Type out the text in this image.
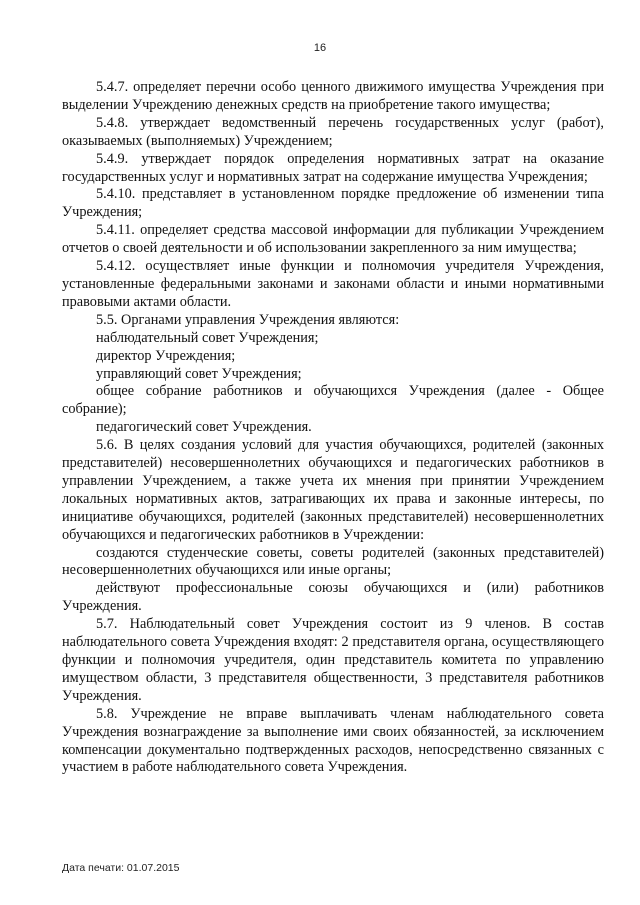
16

5.4.7. определяет перечни особо ценного движимого имущества Учреждения при выделении Учреждению денежных средств на приобретение такого имущества;

5.4.8. утверждает ведомственный перечень государственных услуг (работ), оказываемых (выполняемых) Учреждением;

5.4.9. утверждает порядок определения нормативных затрат на оказание государственных услуг и нормативных затрат на содержание имущества Учреждения;

5.4.10. представляет в установленном порядке предложение об изменении типа Учреждения;

5.4.11. определяет средства массовой информации для публикации Учреждением отчетов о своей деятельности и об использовании закрепленного за ним имущества;

5.4.12. осуществляет иные функции и полномочия учредителя Учреждения, установленные федеральными законами и законами области и иными нормативными правовыми актами области.

5.5. Органами управления Учреждения являются:

наблюдательный совет Учреждения;

директор Учреждения;

управляющий совет Учреждения;

общее собрание работников и обучающихся Учреждения (далее - Общее собрание);

педагогический совет Учреждения.

5.6. В целях создания условий для участия обучающихся, родителей (законных представителей) несовершеннолетних обучающихся и педагогических работников в управлении Учреждением, а также учета их мнения при принятии Учреждением локальных нормативных актов, затрагивающих их права и законные интересы, по инициативе обучающихся, родителей (законных представителей) несовершеннолетних обучающихся и педагогических работников в Учреждении:

создаются студенческие советы, советы родителей (законных представителей) несовершеннолетних обучающихся или иные органы;

действуют профессиональные союзы обучающихся и (или) работников Учреждения.

5.7. Наблюдательный совет Учреждения состоит из 9 членов. В состав наблюдательного совета Учреждения входят: 2 представителя органа, осуществляющего функции и полномочия учредителя, один представитель комитета по управлению имуществом области, 3 представителя общественности, 3 представителя работников Учреждения.

5.8. Учреждение не вправе выплачивать членам наблюдательного совета Учреждения вознаграждение за выполнение ими своих обязанностей, за исключением компенсации документально подтвержденных расходов, непосредственно связанных с участием в работе наблюдательного совета Учреждения.

Дата печати: 01.07.2015
